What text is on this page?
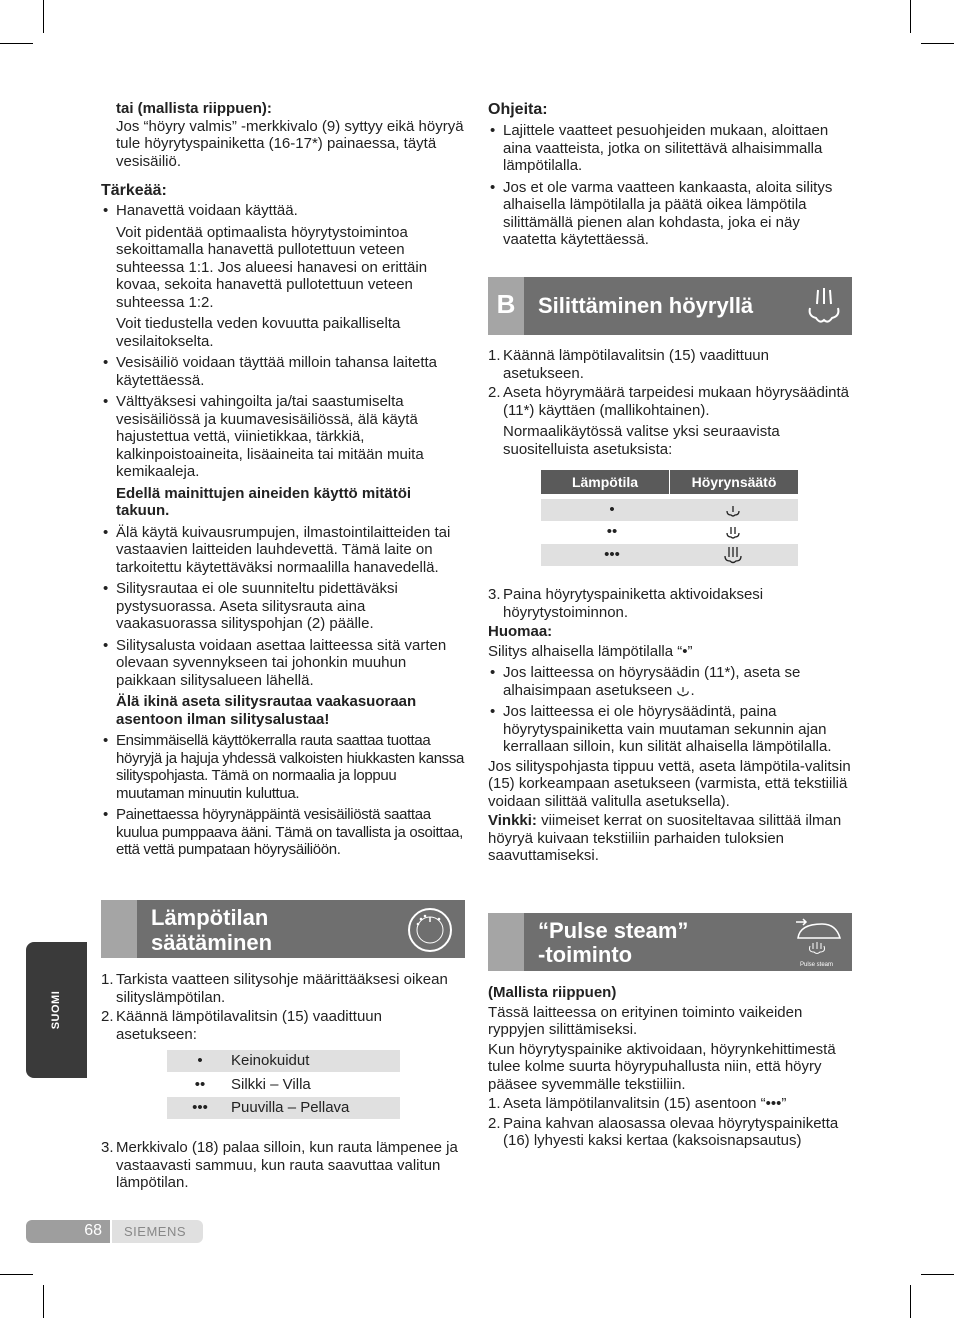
tai (mallista riippuen):

Jos “höyry valmis” -merkkivalo (9) syttyy eikä höyryä tule höyrytyspainiketta (16-17*) painaessa, täytä vesisäiliö.

Tärkeää:

• Hanavettä voidaan käyttää.

Voit pidentää optimaalista höyrytystoimintoa sekoittamalla hanavettä pullotettuun veteen suhteessa 1:1. Jos alueesi hanavesi on erittäin kovaa, sekoita hanavettä pullotettuun veteen suhteessa 1:2.

Voit tiedustella veden kovuutta paikalliselta vesilaitokselta.

• Vesisäiliö voidaan täyttää milloin tahansa laitetta käytettäessä.

• Välttyäksesi vahingoilta ja/tai saastumiselta vesisäiliössä ja kuumavesisäiliössä, älä käytä hajustettua vettä, viinietikkaa, tärkkiä, kalkinpoistoaineita, lisäaineita tai mitään muita kemikaaleja.

Edellä mainittujen aineiden käyttö mitätöi takuun.

• Älä käytä kuivausrumpujen, ilmastointilaitteiden tai vastaavien laitteiden lauhdevettä. Tämä laite on tarkoitettu käytettäväksi normaalilla hanavedellä.

• Silitysrautaa ei ole suunniteltu pidettäväksi pystysuorassa. Aseta silitysrauta aina vaakasuorassa silityspohjan (2) päälle.

• Silitysalusta voidaan asettaa laitteessa sitä varten olevaan syvennykseen tai johonkin muuhun paikkaan silitysalueen lähellä.

Älä ikinä aseta silitysrautaa vaakasuoraan asentoon ilman silitysalustaa!

• Ensimmäisellä käyttökerralla rauta saattaa tuottaa höyryjä ja hajuja yhdessä valkoisten hiukkasten kanssa silityspohjasta. Tämä on normaalia ja loppuu muutaman minuutin kuluttua.

• Painettaessa höyrynäppäintä vesisäiliöstä saattaa kuulua pumppaava ääni. Tämä on tavallista ja osoittaa, että vettä pumpataan höyrysäiliöön.

Lämpötilan
säätäminen

1. Tarkista vaatteen silitysohje määrittääksesi oikean silityslämpötilan.

2. Käännä lämpötilavalitsin (15) vaadittuun asetukseen:

•	Keinokuidut
••	Silkki – Villa
•••	Puuvilla – Pellava

3. Merkkivalo (18) palaa silloin, kun rauta lämpenee ja vastaavasti sammuu, kun rauta saavuttaa valitun lämpötilan.

SUOMI
68 SIEMENS

Ohjeita:

• Lajittele vaatteet pesuohjeiden mukaan, aloittaen aina vaatteista, jotka on silitettävä alhaisimmalla lämpötilalla.

• Jos et ole varma vaatteen kankaasta, aloita silitys alhaisella lämpötilalla ja päätä oikea lämpötila silittämällä pienen alan kohdasta, joka ei näy vaatetta käytettäessä.

B	Silittäminen höyryllä

1. Käännä lämpötilavalitsin (15) vaadittuun asetukseen.

2. Aseta höyrymäärä tarpeidesi mukaan höyrysäädintä (11*) käyttäen (mallikohtainen).

Normaalikäytössä valitse yksi seuraavista suositelluista asetuksista:

Lämpötila	Höyrynsäätö
•
••
•••

3. Paina höyrytyspainiketta aktivoidaksesi höyrytystoiminnon.

Huomaa:

Silitys alhaisella lämpötilalla “•”

• Jos laitteessa on höyrysäädin (11*), aseta se alhaisimpaan asetukseen .

• Jos laitteessa ei ole höyrysäädintä, paina höyrytyspainiketta vain muutaman sekunnin ajan kerrallaan silloin, kun silität alhaisella lämpötilalla.

Jos silityspohjasta tippuu vettä, aseta lämpötila-valitsin (15) korkeampaan asetukseen (varmista, että tekstiiliä voidaan silittää valitulla asetuksella).

Vinkki: viimeiset kerrat on suositeltavaa silittää ilman höyryä kuivaan tekstiiliin parhaiden tuloksien saavuttamiseksi.

“Pulse steam”
-toiminto	Pulse steam

(Mallista riippuen)

Tässä laitteessa on erityinen toiminto vaikeiden ryppyjen silittämiseksi.

Kun höyrytyspainike aktivoidaan, höyrynkehittimestä tulee kolme suurta höyrypuhallusta niin, että höyry pääsee syvemmälle tekstiiliin.

1. Aseta lämpötilanvalitsin (15) asentoon “•••”

2. Paina kahvan alaosassa olevaa höyrytyspainiketta (16) lyhyesti kaksi kertaa (kaksoisnapsautus)
